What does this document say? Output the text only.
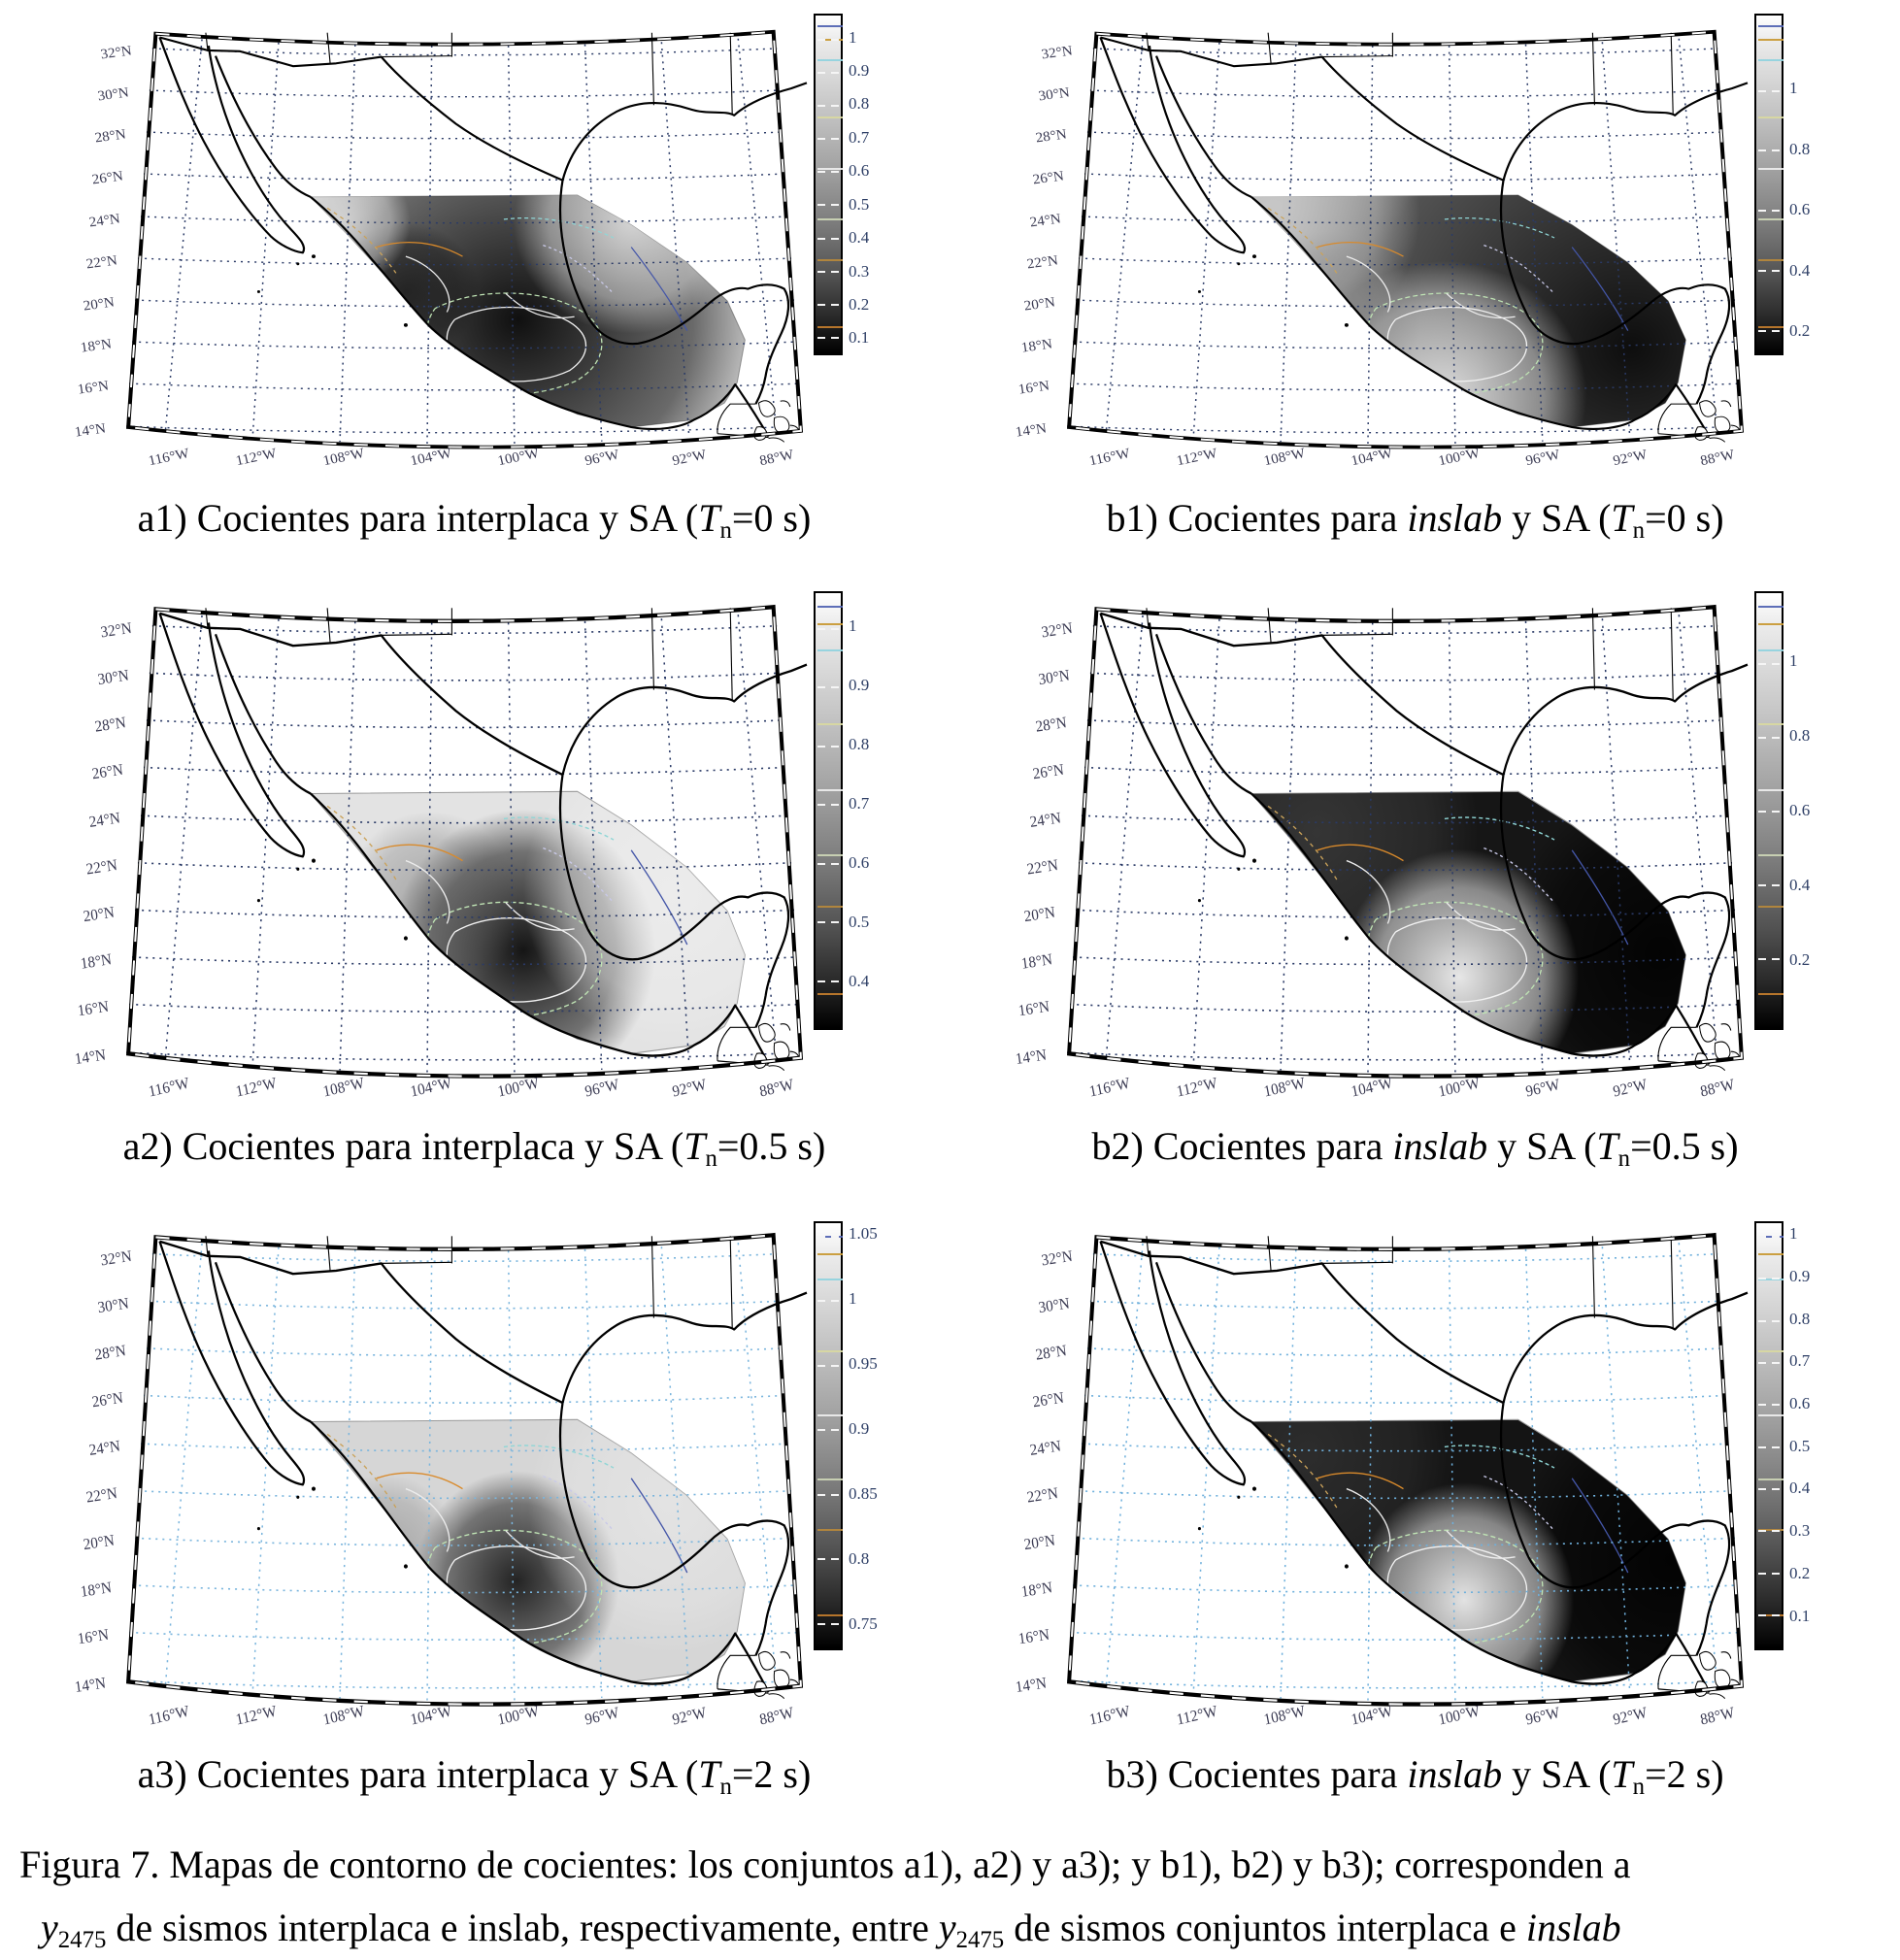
32°N
30°N
28°N
26°N
24°N
22°N
20°N
18°N
16°N
14°N
116°W	112°W	108°W	104°W	100°W	96°W	92°W	88°W
1
0.9
0.8
0.7
0.6
0.5
0.4
0.3
0.2
0.1
a1) Cocientes para interplaca y SA (Tn=0 s)
32°N
30°N
28°N
26°N
24°N
22°N
20°N
18°N
16°N
14°N
116°W	112°W	108°W	104°W	100°W	96°W	92°W	88°W
1
0.8
0.6
0.4
0.2
b1) Cocientes para inslab y SA (Tn=0 s)
32°N
30°N
28°N
26°N
24°N
22°N
20°N
18°N
16°N
14°N
116°W	112°W	108°W	104°W	100°W	96°W	92°W	88°W
1
0.9
0.8
0.7
0.6
0.5
0.4
a2) Cocientes para interplaca y SA (Tn=0.5 s)
32°N
30°N
28°N
26°N
24°N
22°N
20°N
18°N
16°N
14°N
116°W	112°W	108°W	104°W	100°W	96°W	92°W	88°W
1
0.8
0.6
0.4
0.2
b2) Cocientes para inslab y SA (Tn=0.5 s)
32°N
30°N
28°N
26°N
24°N
22°N
20°N
18°N
16°N
14°N
116°W	112°W	108°W	104°W	100°W	96°W	92°W	88°W
1.05
1
0.95
0.9
0.85
0.8
0.75
a3) Cocientes para interplaca y SA (Tn=2 s)
32°N
30°N
28°N
26°N
24°N
22°N
20°N
18°N
16°N
14°N
116°W	112°W	108°W	104°W	100°W	96°W	92°W	88°W
1
0.9
0.8
0.7
0.6
0.5
0.4
0.3
0.2
0.1
b3) Cocientes para inslab y SA (Tn=2 s)
Figura 7. Mapas de contorno de cocientes: los conjuntos a1), a2) y a3); y b1), b2) y b3); corresponden a
y2475 de sismos interplaca e inslab, respectivamente, entre y2475 de sismos conjuntos interplaca e inslab
